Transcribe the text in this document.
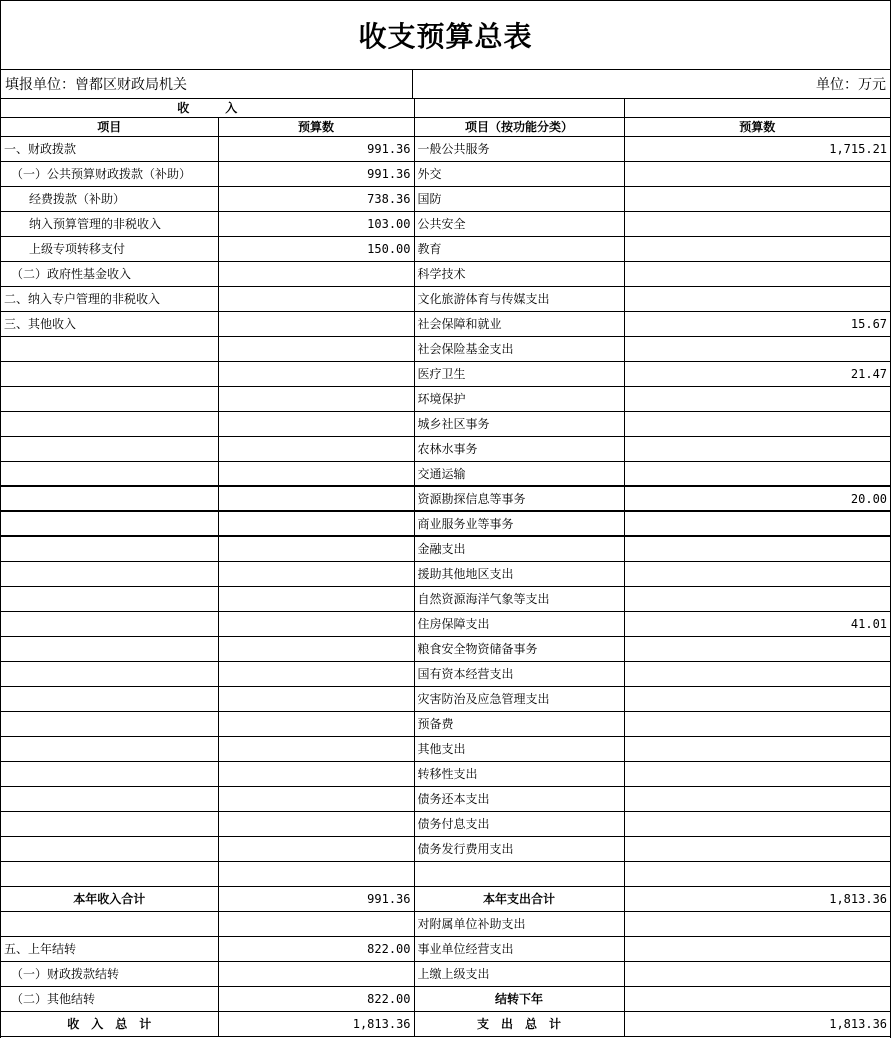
收支预算总表
填报单位：曾都区财政局机关	单位：万元
收　　　入			
项目	预算数	项目（按功能分类）	预算数
一、财政拨款	991.36	一般公共服务	1,715.21
（一）公共预算财政拨款（补助）	991.36	外交	
经费拨款（补助）	738.36	国防	
纳入预算管理的非税收入	103.00	公共安全	
上级专项转移支付	150.00	教育	
（二）政府性基金收入		科学技术	
二、纳入专户管理的非税收入		文化旅游体育与传媒支出	
三、其他收入		社会保障和就业	15.67
		社会保险基金支出	
		医疗卫生	21.47
		环境保护	
		城乡社区事务	
		农林水事务	
		交通运输	
		资源勘探信息等事务	20.00
		商业服务业等事务	
		金融支出	
		援助其他地区支出	
		自然资源海洋气象等支出	
		住房保障支出	41.01
		粮食安全物资储备事务	
		国有资本经营支出	
		灾害防治及应急管理支出	
		预备费	
		其他支出	
		转移性支出	
		债务还本支出	
		债务付息支出	
		债务发行费用支出	

本年收入合计	991.36	本年支出合计	1,813.36
		对附属单位补助支出	
五、上年结转	822.00	事业单位经营支出	
（一）财政拨款结转		上缴上级支出	
（二）其他结转	822.00	结转下年	
收　入　总　计	1,813.36	支　出　总　计	1,813.36
